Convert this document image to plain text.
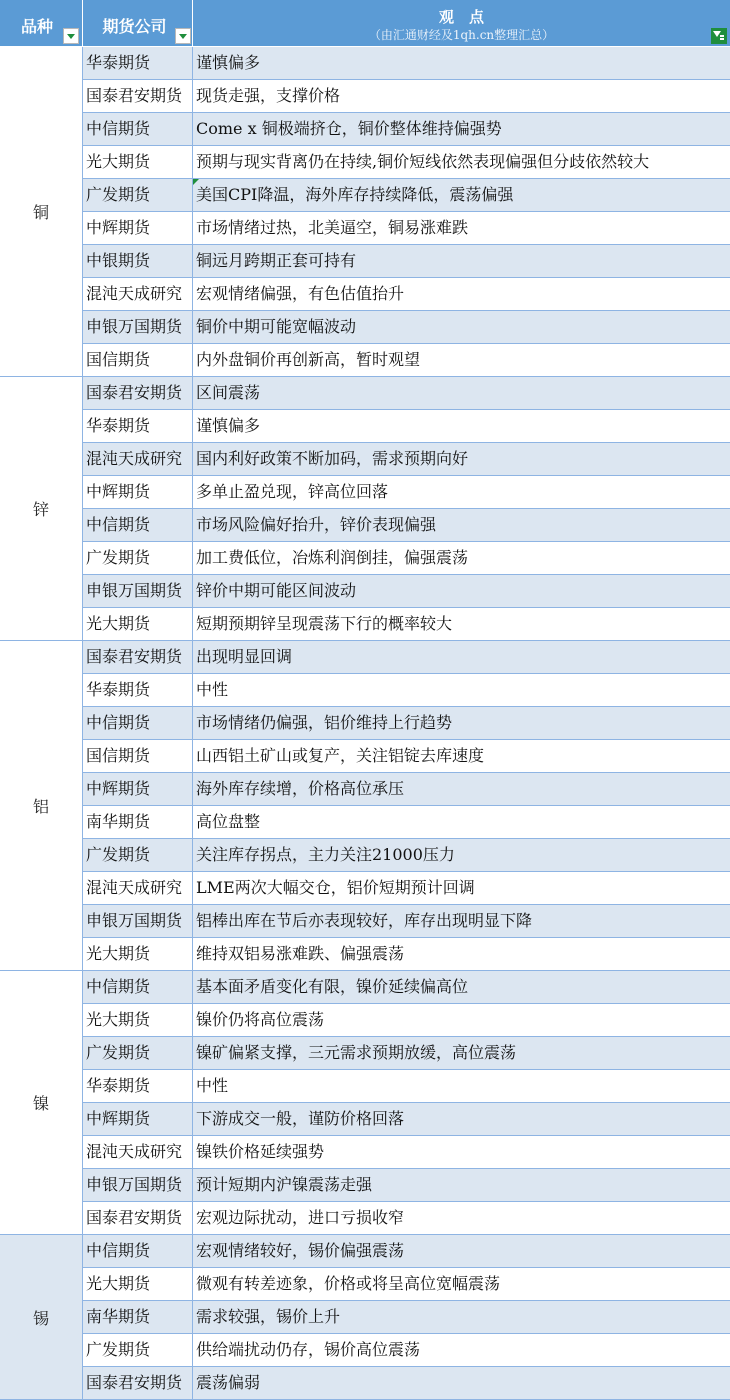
品种	期货公司	观　点
（由汇通财经及1qh.cn整理汇总）
铜
华泰期货	谨慎偏多
国泰君安期货 现货走强，支撑价格
中信期货	Come x 铜极端挤仓，铜价整体维持偏强势
光大期货	预期与现实背离仍在持续,铜价短线依然表现偏强但分歧依然较大
广发期货	美国CPI降温，海外库存持续降低，震荡偏强
中辉期货	市场情绪过热，北美逼空，铜易涨难跌
中银期货	铜远月跨期正套可持有
混沌天成研究 宏观情绪偏强，有色估值抬升
申银万国期货 铜价中期可能宽幅波动
国信期货	内外盘铜价再创新高，暂时观望
锌
国泰君安期货 区间震荡
华泰期货	谨慎偏多
混沌天成研究 国内利好政策不断加码，需求预期向好
中辉期货	多单止盈兑现，锌高位回落
中信期货	市场风险偏好抬升，锌价表现偏强
广发期货	加工费低位，冶炼利润倒挂，偏强震荡
申银万国期货 锌价中期可能区间波动
光大期货	短期预期锌呈现震荡下行的概率较大
铝
国泰君安期货 出现明显回调
华泰期货	中性
中信期货	市场情绪仍偏强，铝价维持上行趋势
国信期货	山西铝土矿山或复产，关注铝锭去库速度
中辉期货	海外库存续增，价格高位承压
南华期货	高位盘整
广发期货	关注库存拐点，主力关注21000压力
混沌天成研究 LME两次大幅交仓，铝价短期预计回调
申银万国期货 铝棒出库在节后亦表现较好，库存出现明显下降
光大期货	维持双铝易涨难跌、偏强震荡
镍
中信期货	基本面矛盾变化有限，镍价延续偏高位
光大期货	镍价仍将高位震荡
广发期货	镍矿偏紧支撑，三元需求预期放缓，高位震荡
华泰期货	中性
中辉期货	下游成交一般，谨防价格回落
混沌天成研究 镍铁价格延续强势
申银万国期货 预计短期内沪镍震荡走强
国泰君安期货 宏观边际扰动，进口亏损收窄
锡
中信期货	宏观情绪较好，锡价偏强震荡
光大期货	微观有转差迹象，价格或将呈高位宽幅震荡
南华期货	需求较强，锡价上升
广发期货	供给端扰动仍存，锡价高位震荡
国泰君安期货 震荡偏弱
